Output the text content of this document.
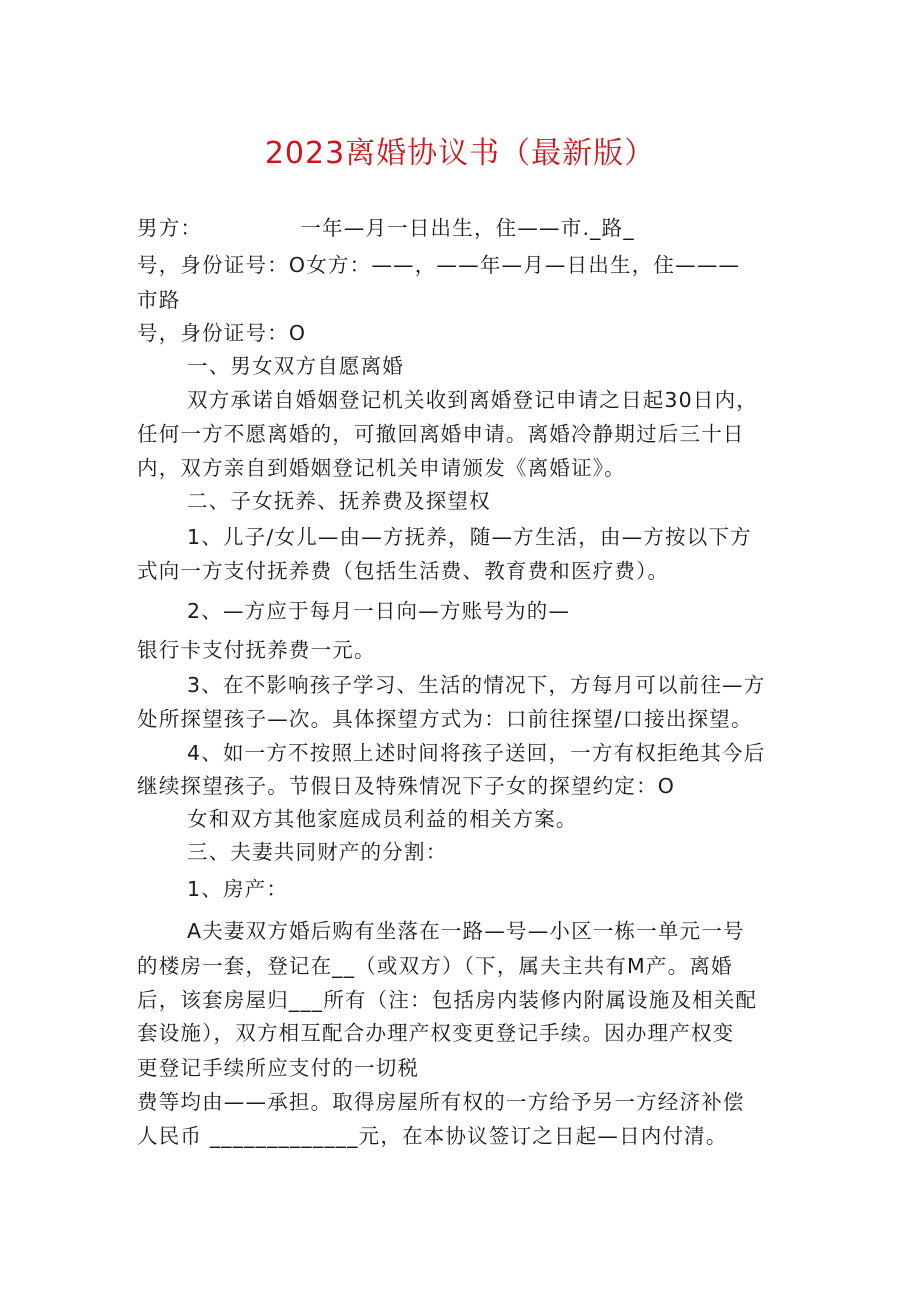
2023离婚协议书（最新版）
男方：　　　　　一年—月一日出生，住——市._路_
号，身份证号：O女方：——，——年—月—日出生，住———
市路
号，身份证号：O
一、男女双方自愿离婚
双方承诺自婚姻登记机关收到离婚登记申请之日起30日内，
任何一方不愿离婚的，可撤回离婚申请。离婚冷静期过后三十日
内，双方亲自到婚姻登记机关申请颁发《离婚证》。
二、子女抚养、抚养费及探望权
1、儿子/女儿—由—方抚养，随—方生活，由—方按以下方
式向一方支付抚养费（包括生活费、教育费和医疗费）。
2、—方应于每月一日向—方账号为的—
银行卡支付抚养费一元。
3、在不影响孩子学习、生活的情况下，方每月可以前往—方
处所探望孩子—次。具体探望方式为：口前往探望/口接出探望。
4、如一方不按照上述时间将孩子送回，一方有权拒绝其今后
继续探望孩子。节假日及特殊情况下子女的探望约定：O
女和双方其他家庭成员利益的相关方案。
三、夫妻共同财产的分割：
1、房产：
A夫妻双方婚后购有坐落在一路—号—小区一栋一单元一号
的楼房一套，登记在__（或双方）（下，属夫主共有M产。离婚
后，该套房屋归___所有（注：包括房内装修内附属设施及相关配
套设施），双方相互配合办理产权变更登记手续。因办理产权变
更登记手续所应支付的一切税
费等均由——承担。取得房屋所有权的一方给予另一方经济补偿
人民币 _____________元，在本协议签订之日起—日内付清。
